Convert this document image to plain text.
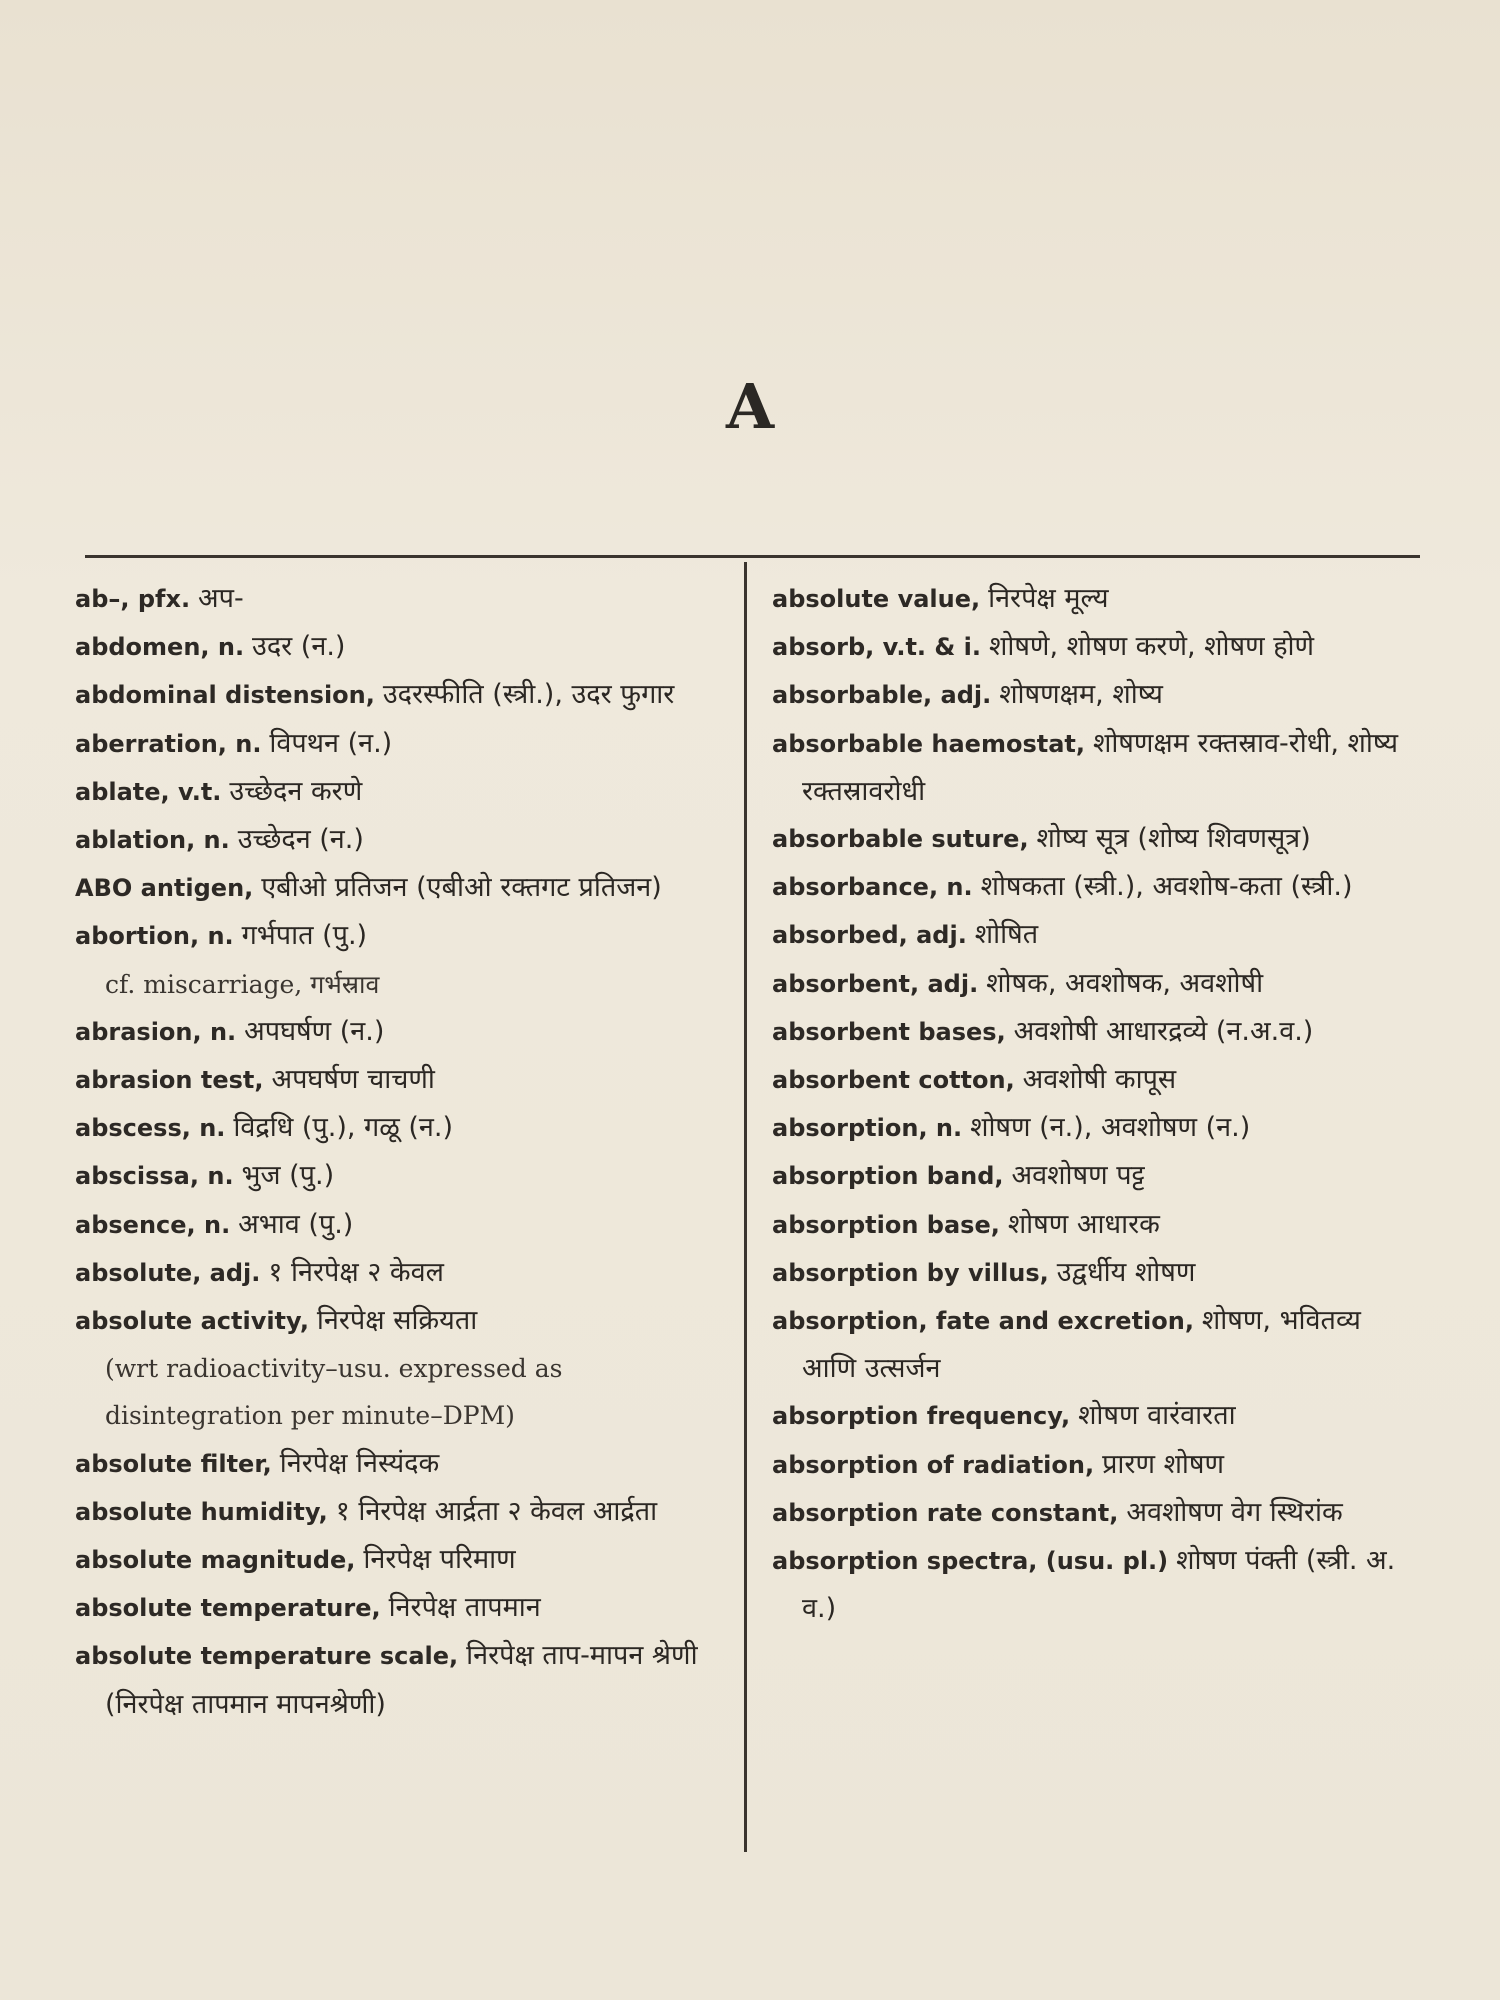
A
ab–, pfx. अप-
abdomen, n. उदर (न.)
abdominal distension, उदरस्फीति (स्त्री.), उदर फुगार
aberration, n. विपथन (न.)
ablate, v.t. उच्छेदन करणे
ablation, n. उच्छेदन (न.)
ABO antigen, एबीओ प्रतिजन (एबीओ रक्तगट प्रतिजन)
abortion, n. गर्भपात (पु.)
cf. miscarriage, गर्भस्राव
abrasion, n. अपघर्षण (न.)
abrasion test, अपघर्षण चाचणी
abscess, n. विद्रधि (पु.), गळू (न.)
abscissa, n. भुज (पु.)
absence, n. अभाव (पु.)
absolute, adj. १ निरपेक्ष २ केवल
absolute activity, निरपेक्ष सक्रियता
(wrt radioactivity–usu. expressed as disintegration per minute–DPM)
absolute filter, निरपेक्ष निस्यंदक
absolute humidity, १ निरपेक्ष आर्द्रता २ केवल आर्द्रता
absolute magnitude, निरपेक्ष परिमाण
absolute temperature, निरपेक्ष तापमान
absolute temperature scale, निरपेक्ष ताप-मापन श्रेणी (निरपेक्ष तापमान मापनश्रेणी)
absolute value, निरपेक्ष मूल्य
absorb, v.t. & i. शोषणे, शोषण करणे, शोषण होणे
absorbable, adj. शोषणक्षम, शोष्य
absorbable haemostat, शोषणक्षम रक्तस्राव-रोधी, शोष्य रक्तस्रावरोधी
absorbable suture, शोष्य सूत्र (शोष्य शिवणसूत्र)
absorbance, n. शोषकता (स्त्री.), अवशोष-कता (स्त्री.)
absorbed, adj. शोषित
absorbent, adj. शोषक, अवशोषक, अवशोषी
absorbent bases, अवशोषी आधारद्रव्ये (न.अ.व.)
absorbent cotton, अवशोषी कापूस
absorption, n. शोषण (न.), अवशोषण (न.)
absorption band, अवशोषण पट्ट
absorption base, शोषण आधारक
absorption by villus, उद्वर्धीय शोषण
absorption, fate and excretion, शोषण, भवितव्य आणि उत्सर्जन
absorption frequency, शोषण वारंवारता
absorption of radiation, प्रारण शोषण
absorption rate constant, अवशोषण वेग स्थिरांक
absorption spectra, (usu. pl.) शोषण पंक्ती (स्त्री. अ. व.)
